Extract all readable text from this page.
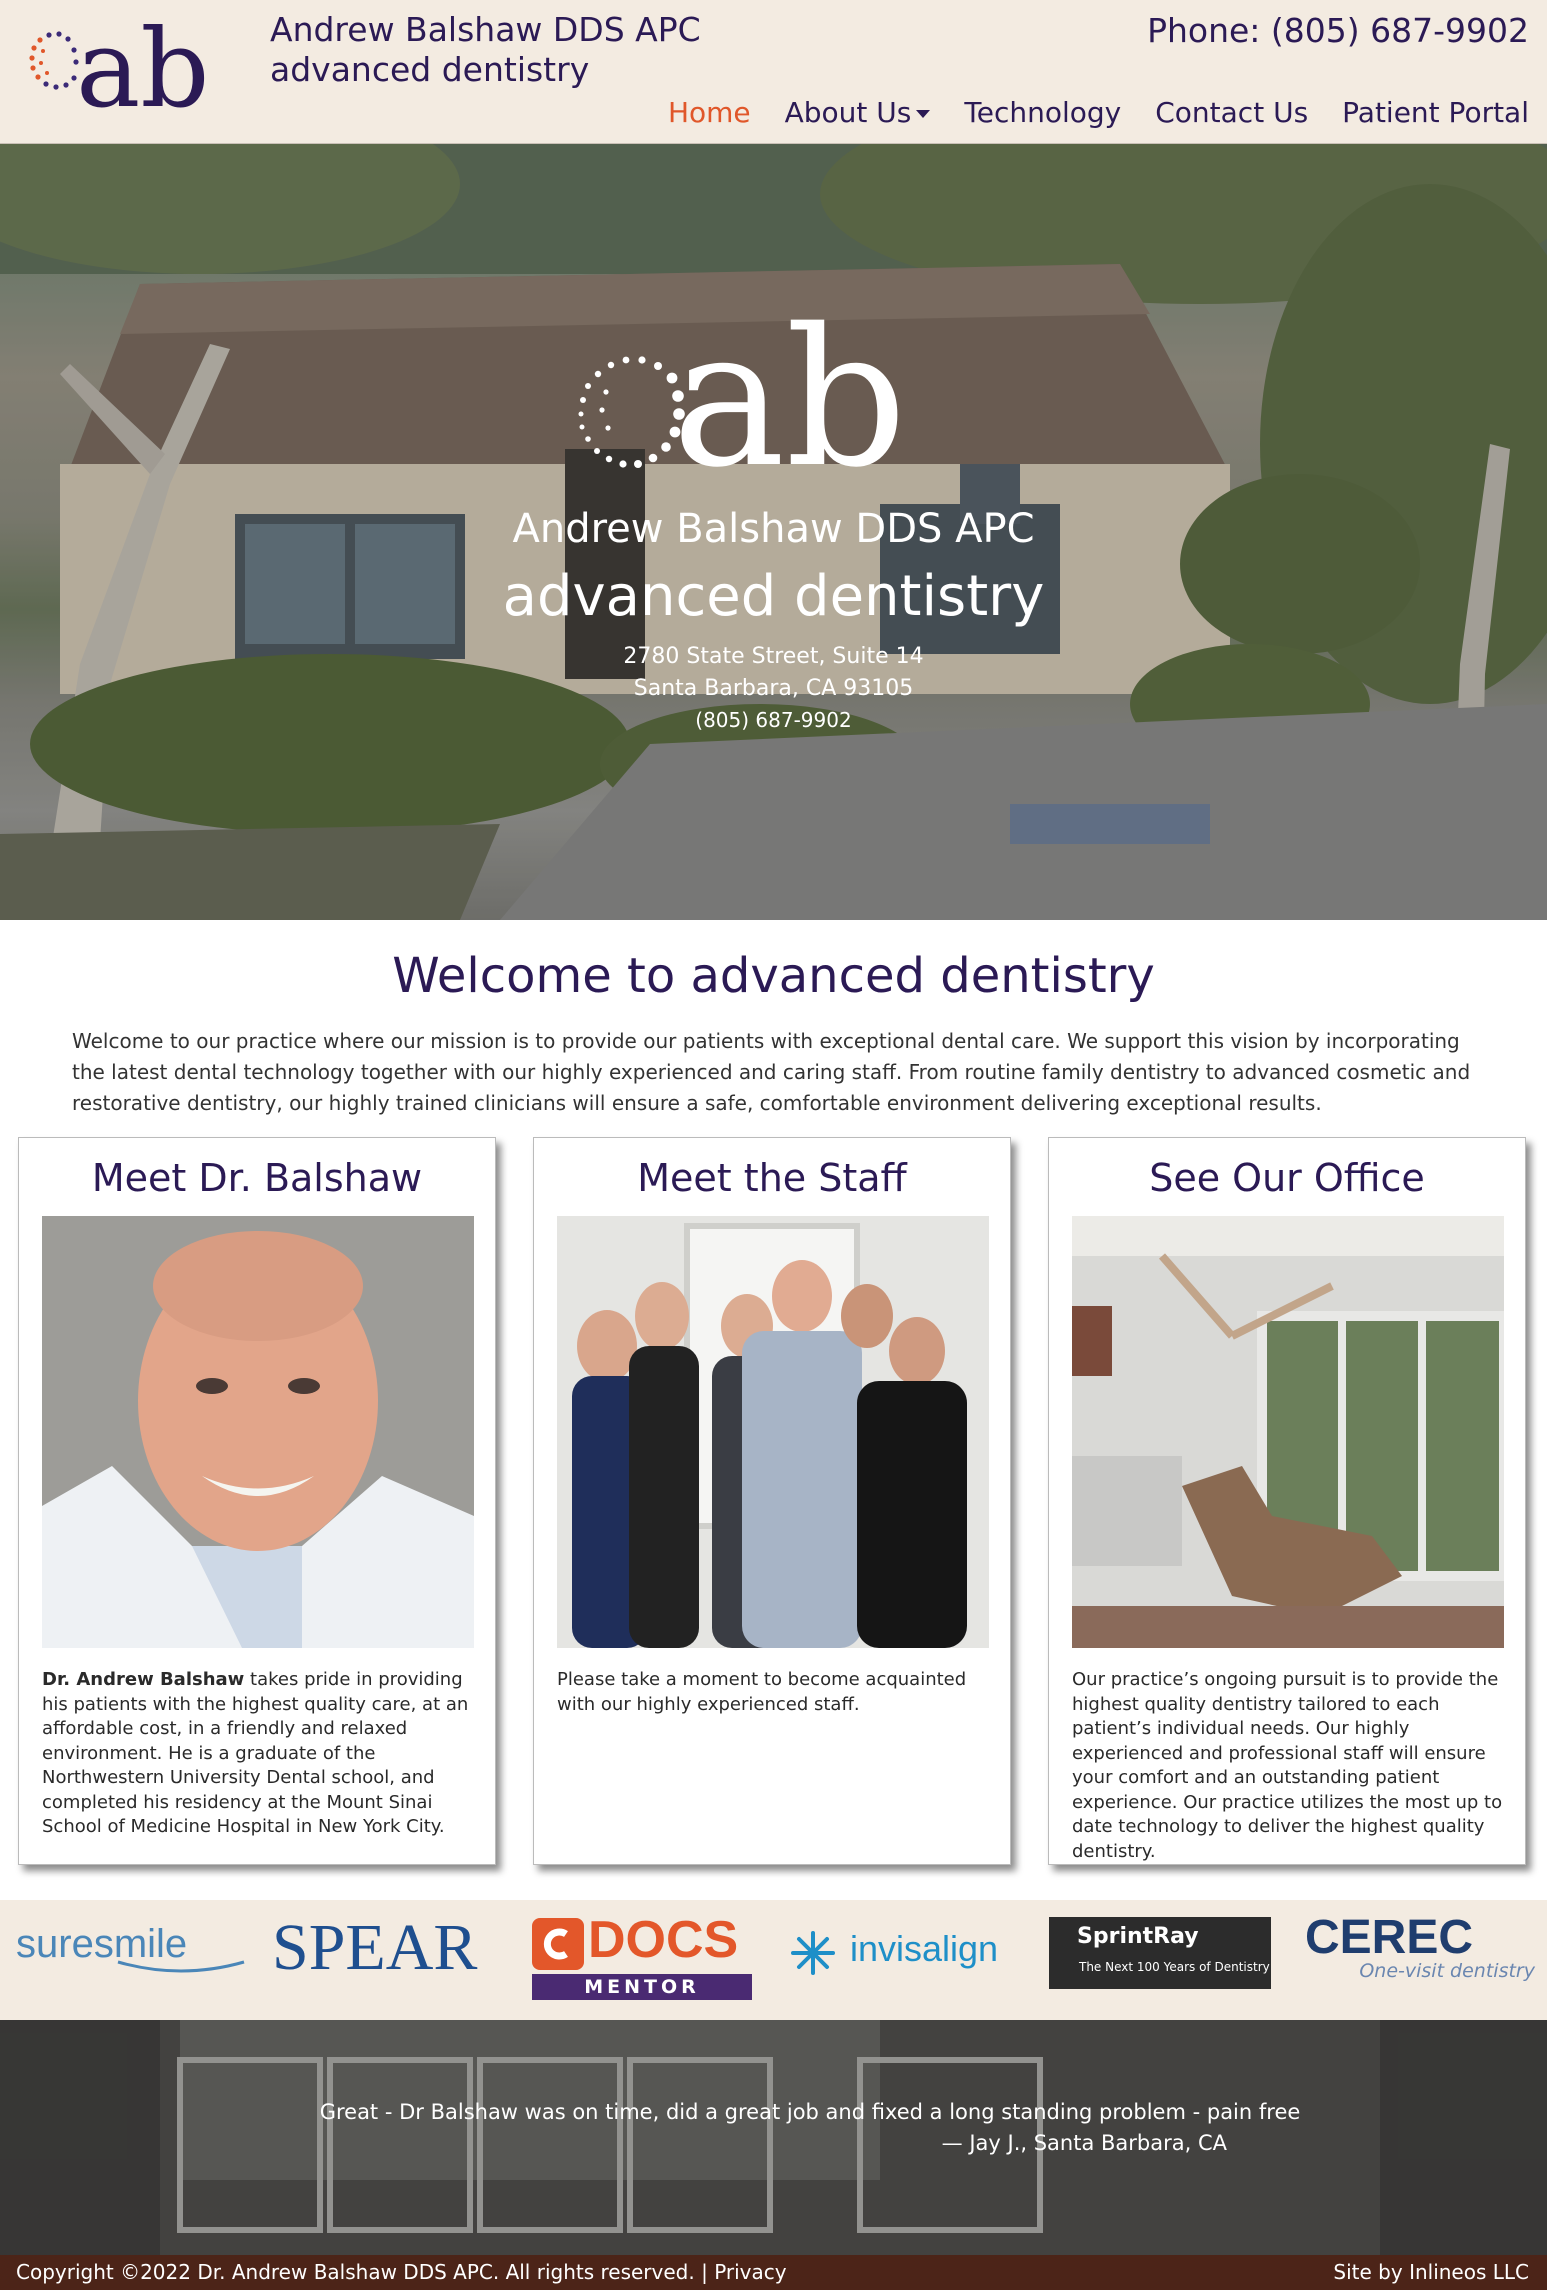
ab Andrew Balshaw DDS APC
advanced dentistry
Phone: (805) 687-9902
Home About Us	Technology Contact Us Patient Portal
ab
Andrew Balshaw DDS APC
advanced dentistry
2780 State Street, Suite 14
Santa Barbara, CA 93105
(805) 687-9902
Welcome to advanced dentistry
Welcome to our practice where our mission is to provide our patients with exceptional dental care. We support this vision by incorporating the latest dental technology together with our highly experienced and caring staff. From routine family dentistry to advanced cosmetic and restorative dentistry, our highly trained clinicians will ensure a safe, comfortable environment delivering exceptional results.
Meet Dr. Balshaw
Dr. Andrew Balshaw takes pride in providing his patients with the highest quality care, at an affordable cost, in a friendly and relaxed environment. He is a graduate of the Northwestern University Dental school, and completed his residency at the Mount Sinai School of Medicine Hospital in New York City.
Meet the Staff
Please take a moment to become acquainted with our highly experienced staff.
See Our Office
Our practice’s ongoing pursuit is to provide the highest quality dentistry tailored to each patient’s individual needs. Our highly experienced and professional staff will ensure your comfort and an outstanding patient experience. Our practice utilizes the most up to date technology to deliver the highest quality dentistry.
suresmile SPEAR DOCS
MENTOR
invisalign	SprintRay
The Next 100 Years of Dentistry
CEREC
One-visit dentistry
Great - Dr Balshaw was on time, did a great job and fixed a long standing problem - pain free
— Jay J., Santa Barbara, CA
Copyright ©2022 Dr. Andrew Balshaw DDS APC. All rights reserved. | Privacy	Site by Inlineos LLC
